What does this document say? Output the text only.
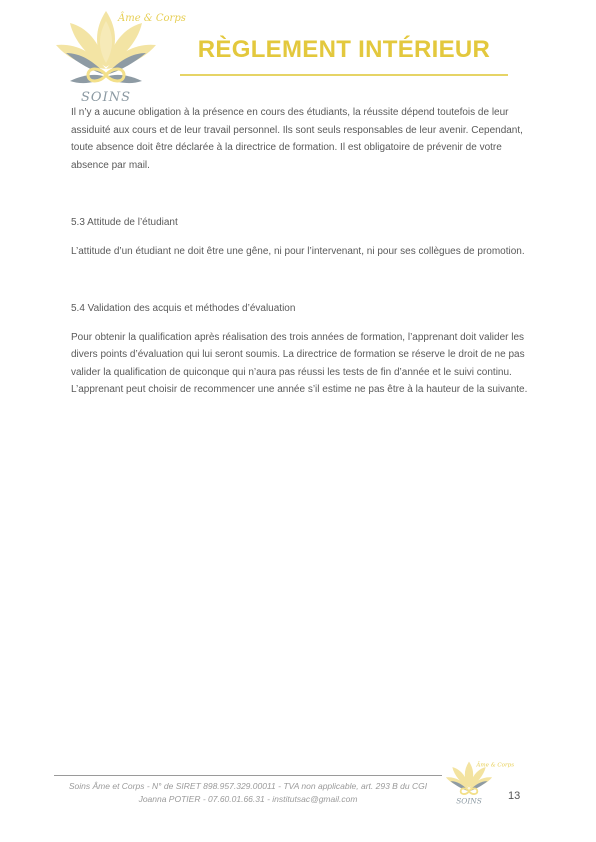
Âme & Corps
SOINS
RÈGLEMENT INTÉRIEUR

Il n’y a aucune obligation à la présence en cours des étudiants, la réussite dépend toutefois de leur assiduité aux cours et de leur travail personnel. Ils sont seuls responsables de leur avenir. Cependant, toute absence doit être déclarée à la directrice de formation. Il est obligatoire de prévenir de votre absence par mail.

5.3 Attitude de l’étudiant

L’attitude d’un étudiant ne doit être une gêne, ni pour l’intervenant, ni pour ses collègues de promotion.

5.4 Validation des acquis et méthodes d’évaluation

Pour obtenir la qualification après réalisation des trois années de formation, l’apprenant doit valider les divers points d’évaluation qui lui seront soumis. La directrice de formation se réserve le droit de ne pas valider la qualification de quiconque qui n’aura pas réussi les tests de fin d’année et le suivi continu. L’apprenant peut choisir de recommencer une année s’il estime ne pas être à la hauteur de la suivante.

Soins Âme et Corps - N° de SIRET 898.957.329.00011 - TVA non applicable, art. 293 B du CGI
Joanna POTIER - 07.60.01.66.31 - institutsac@gmail.com
Âme & Corps
SOINS 13
